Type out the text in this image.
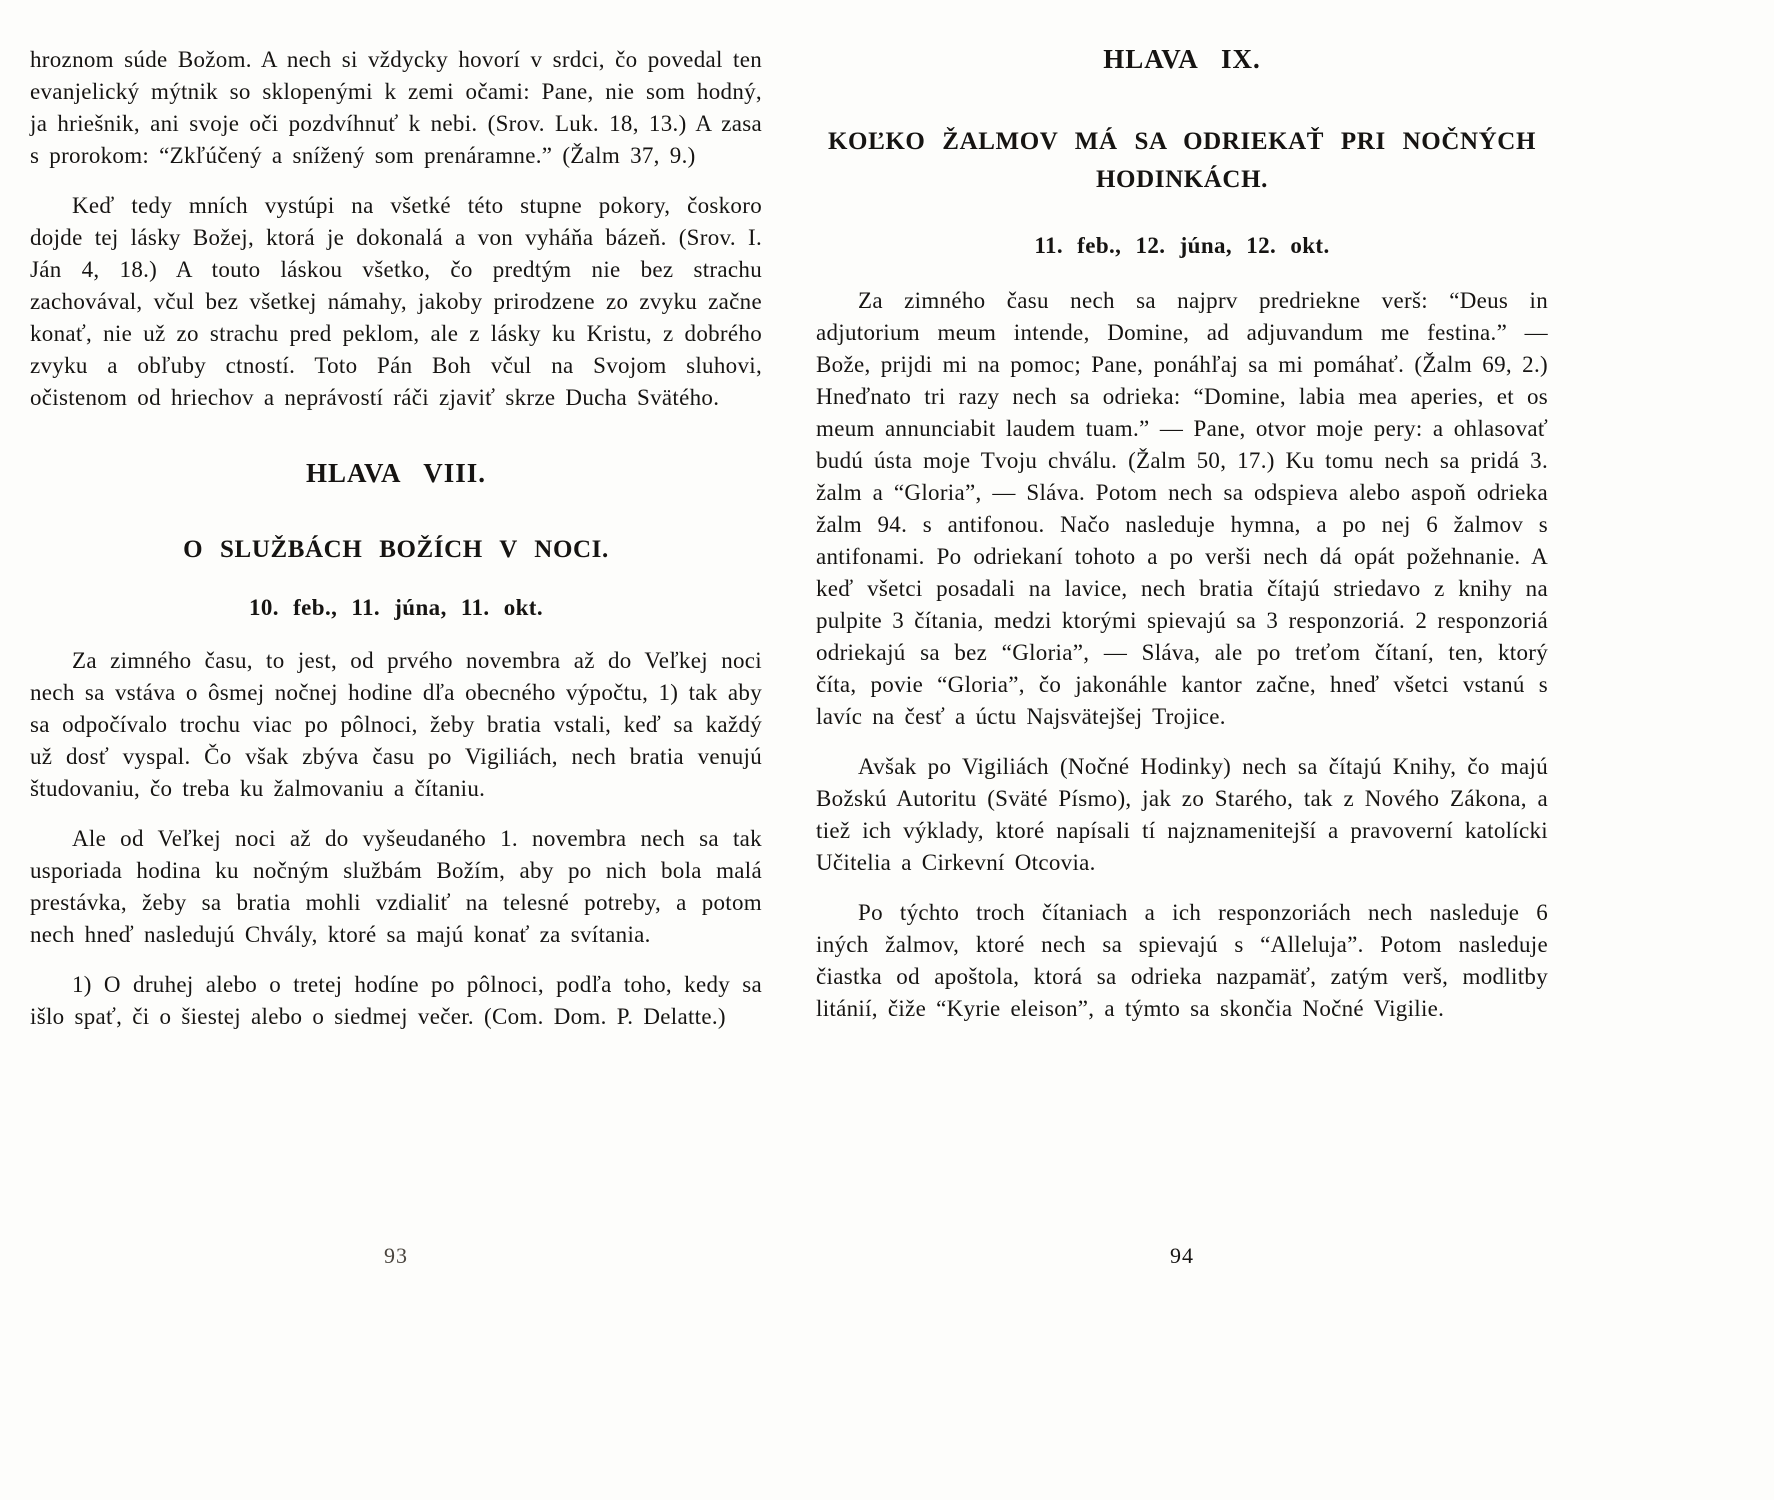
hroznom súde Božom. A nech si vždycky hovorí v srdci, čo povedal ten evanjelický mýtnik so sklopenými k zemi očami: Pane, nie som hodný, ja hriešnik, ani svoje oči pozdvíhnuť k nebi. (Srov. Luk. 18, 13.) A zasa s prorokom: “Zkľúčený a snížený som prenáramne.” (Žalm 37, 9.)

Keď tedy mních vystúpi na všetké této stupne pokory, čoskoro dojde tej lásky Božej, ktorá je dokonalá a von vyháňa bázeň. (Srov. I. Ján 4, 18.) A touto láskou všetko, čo predtým nie bez strachu zachovával, včul bez všetkej námahy, jakoby prirodzene zo zvyku začne konať, nie už zo strachu pred peklom, ale z lásky ku Kristu, z dobrého zvyku a obľuby ctností. Toto Pán Boh včul na Svojom sluhovi, očistenom od hriechov a neprávostí ráči zjaviť skrze Ducha Svätého.

HLAVA VIII.
O SLUŽBÁCH BOŽÍCH V NOCI.

10. feb., 11. júna, 11. okt.

Za zimného času, to jest, od prvého novembra až do Veľkej noci nech sa vstáva o ôsmej nočnej hodine dľa obecného výpočtu, 1) tak aby sa odpočívalo trochu viac po pôlnoci, žeby bratia vstali, keď sa každý už dosť vyspal. Čo však zbýva času po Vigiliách, nech bratia venujú študovaniu, čo treba ku žalmovaniu a čítaniu.

Ale od Veľkej noci až do vyšeudaného 1. novembra nech sa tak usporiada hodina ku nočným službám Božím, aby po nich bola malá prestávka, žeby sa bratia mohli vzdialiť na telesné potreby, a potom nech hneď nasledujú Chvály, ktoré sa majú konať za svítania.

1) O druhej alebo o tretej hodíne po pôlnoci, podľa toho, kedy sa išlo spať, či o šiestej alebo o siedmej večer. (Com. Dom. P. Delatte.)

93
HLAVA IX.
KOĽKO ŽALMOV MÁ SA ODRIEKAŤ PRI NOČNÝCH HODINKÁCH.

11. feb., 12. júna, 12. okt.

Za zimného času nech sa najprv predriekne verš: “Deus in adjutorium meum intende, Domine, ad adjuvandum me festina.” — Bože, prijdi mi na pomoc; Pane, ponáhľaj sa mi pomáhať. (Žalm 69, 2.) Hneďnato tri razy nech sa odrieka: “Domine, labia mea aperies, et os meum annunciabit laudem tuam.” — Pane, otvor moje pery: a ohlasovať budú ústa moje Tvoju chválu. (Žalm 50, 17.) Ku tomu nech sa pridá 3. žalm a “Gloria”, — Sláva. Potom nech sa odspieva alebo aspoň odrieka žalm 94. s antifonou. Načo nasleduje hymna, a po nej 6 žalmov s antifonami. Po odriekaní tohoto a po verši nech dá opát požehnanie. A keď všetci posadali na lavice, nech bratia čítajú striedavo z knihy na pulpite 3 čítania, medzi ktorými spievajú sa 3 responzoriá. 2 responzoriá odriekajú sa bez “Gloria”, — Sláva, ale po treťom čítaní, ten, ktorý číta, povie “Gloria”, čo jakonáhle kantor začne, hneď všetci vstanú s lavíc na česť a úctu Najsvätejšej Trojice.

Avšak po Vigiliách (Nočné Hodinky) nech sa čítajú Knihy, čo majú Božskú Autoritu (Sväté Písmo), jak zo Starého, tak z Nového Zákona, a tiež ich výklady, ktoré napísali tí najznamenitejší a pravoverní katolícki Učitelia a Cirkevní Otcovia.

Po týchto troch čítaniach a ich responzoriách nech nasleduje 6 iných žalmov, ktoré nech sa spievajú s “Alleluja”. Potom nasleduje čiastka od apoštola, ktorá sa odrieka nazpamäť, zatým verš, modlitby litánií, čiže “Kyrie eleison”, a týmto sa skončia Nočné Vigilie.

94
